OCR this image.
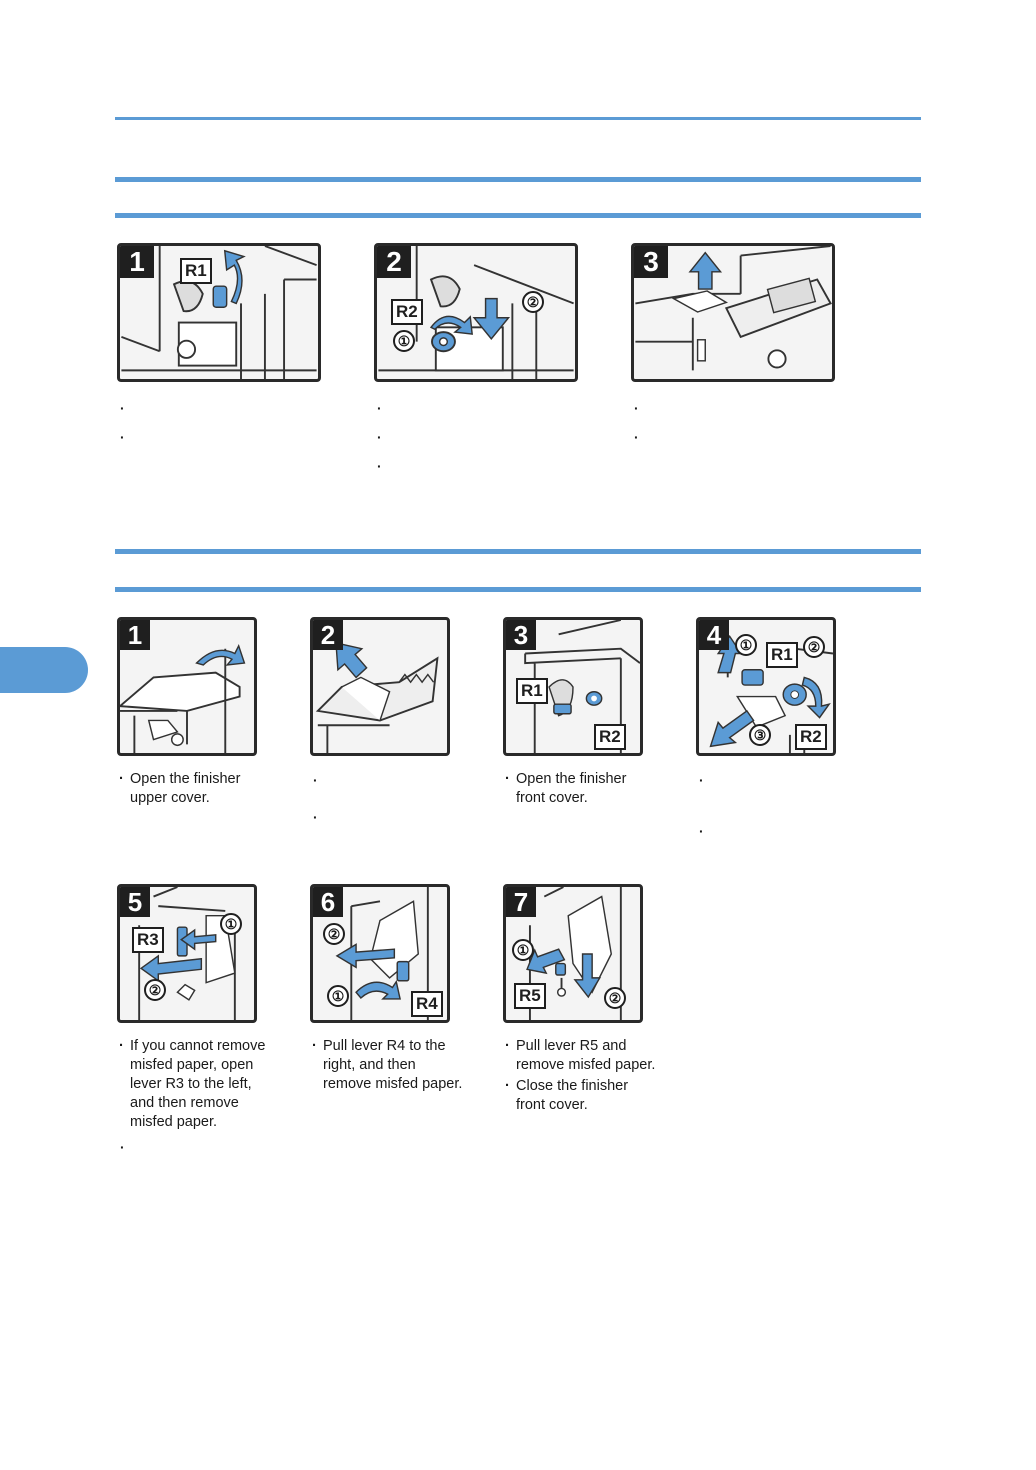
1	R1
·
·
2
R2
①
②
·
·
·
3
·
·
1
· Open the finisher
upper cover.
2
·
·
3
R1
R2
· Open the finisher
front cover.
4	① R1	②
③ R2
·
·
5
R3
①
②
· If you cannot remove
misfed paper, open
lever R3 to the left,
and then remove
misfed paper.
·
6
②
①	R4
· Pull lever R4 to the
right, and then
remove misfed paper.
7
①
R5	②
· Pull lever R5 and
remove misfed paper.
· Close the finisher
front cover.
